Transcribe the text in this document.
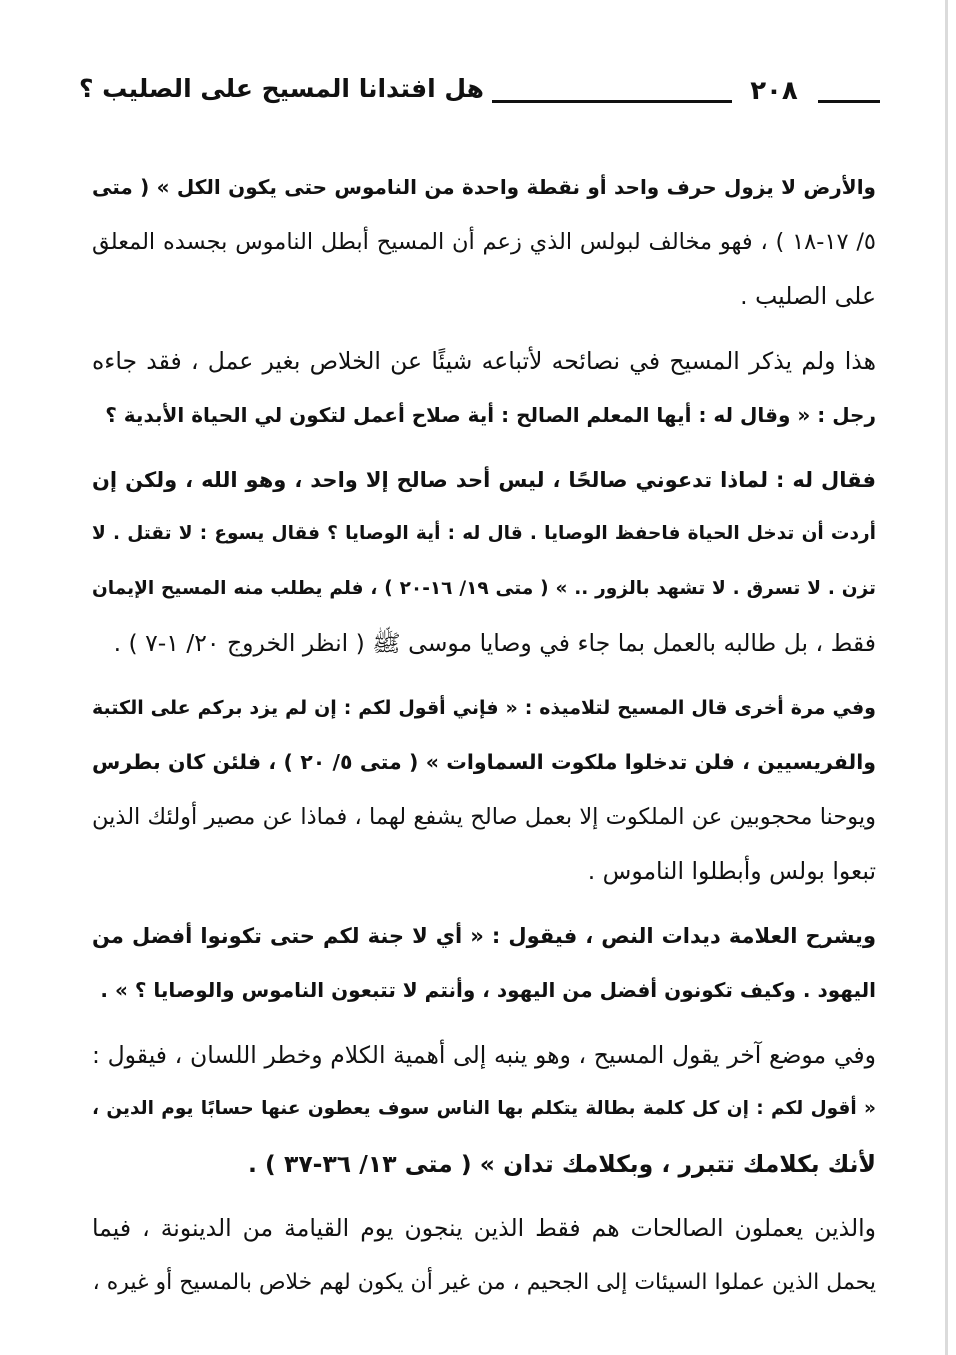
٢٠٨
هل افتدانا المسيح على الصليب ؟
والأرض لا يزول حرف واحد أو نقطة واحدة من الناموس حتى يكون الكل » ( متى
٥/ ١٧-١٨ ) ، فهو مخالف لبولس الذي زعم أن المسيح أبطل الناموس بجسده المعلق
على الصليب .
هذا ولم يذكر المسيح في نصائحه لأتباعه شيئًا عن الخلاص بغير عمل ، فقد جاءه
رجل : « وقال له : أيها المعلم الصالح : أية صلاح أعمل لتكون لي الحياة الأبدية ؟
فقال له : لماذا تدعوني صالحًا ، ليس أحد صالح إلا واحد ، وهو الله ، ولكن إن
أردت أن تدخل الحياة فاحفظ الوصايا . قال له : أية الوصايا ؟ فقال يسوع : لا تقتل . لا
تزن . لا تسرق . لا تشهد بالزور .. » ( متى ١٩/ ١٦-٢٠ ) ، فلم يطلب منه المسيح الإيمان
فقط ، بل طالبه بالعمل بما جاء في وصايا موسى ﷺ ( انظر الخروج ٢٠/ ١-٧ ) .
وفي مرة أخرى قال المسيح لتلاميذه : « فإني أقول لكم : إن لم يزد بركم على الكتبة
والفريسيين ، فلن تدخلوا ملكوت السماوات » ( متى ٥/ ٢٠ ) ، فلئن كان بطرس
ويوحنا محجوبين عن الملكوت إلا بعمل صالح يشفع لهما ، فماذا عن مصير أولئك الذين
تبعوا بولس وأبطلوا الناموس .
ويشرح العلامة ديدات النص ، فيقول : « أي لا جنة لكم حتى تكونوا أفضل من
اليهود . وكيف تكونون أفضل من اليهود ، وأنتم لا تتبعون الناموس والوصايا ؟ » .
وفي موضع آخر يقول المسيح ، وهو ينبه إلى أهمية الكلام وخطر اللسان ، فيقول :
« أقول لكم : إن كل كلمة بطالة يتكلم بها الناس سوف يعطون عنها حسابًا يوم الدين ،
لأنك بكلامك تتبرر ، وبكلامك تدان » ( متى ١٣/ ٣٦-٣٧ ) .
والذين يعملون الصالحات هم فقط الذين ينجون يوم القيامة من الدينونة ، فيما
يحمل الذين عملوا السيئات إلى الجحيم ، من غير أن يكون لهم خلاص بالمسيح أو غيره ،
